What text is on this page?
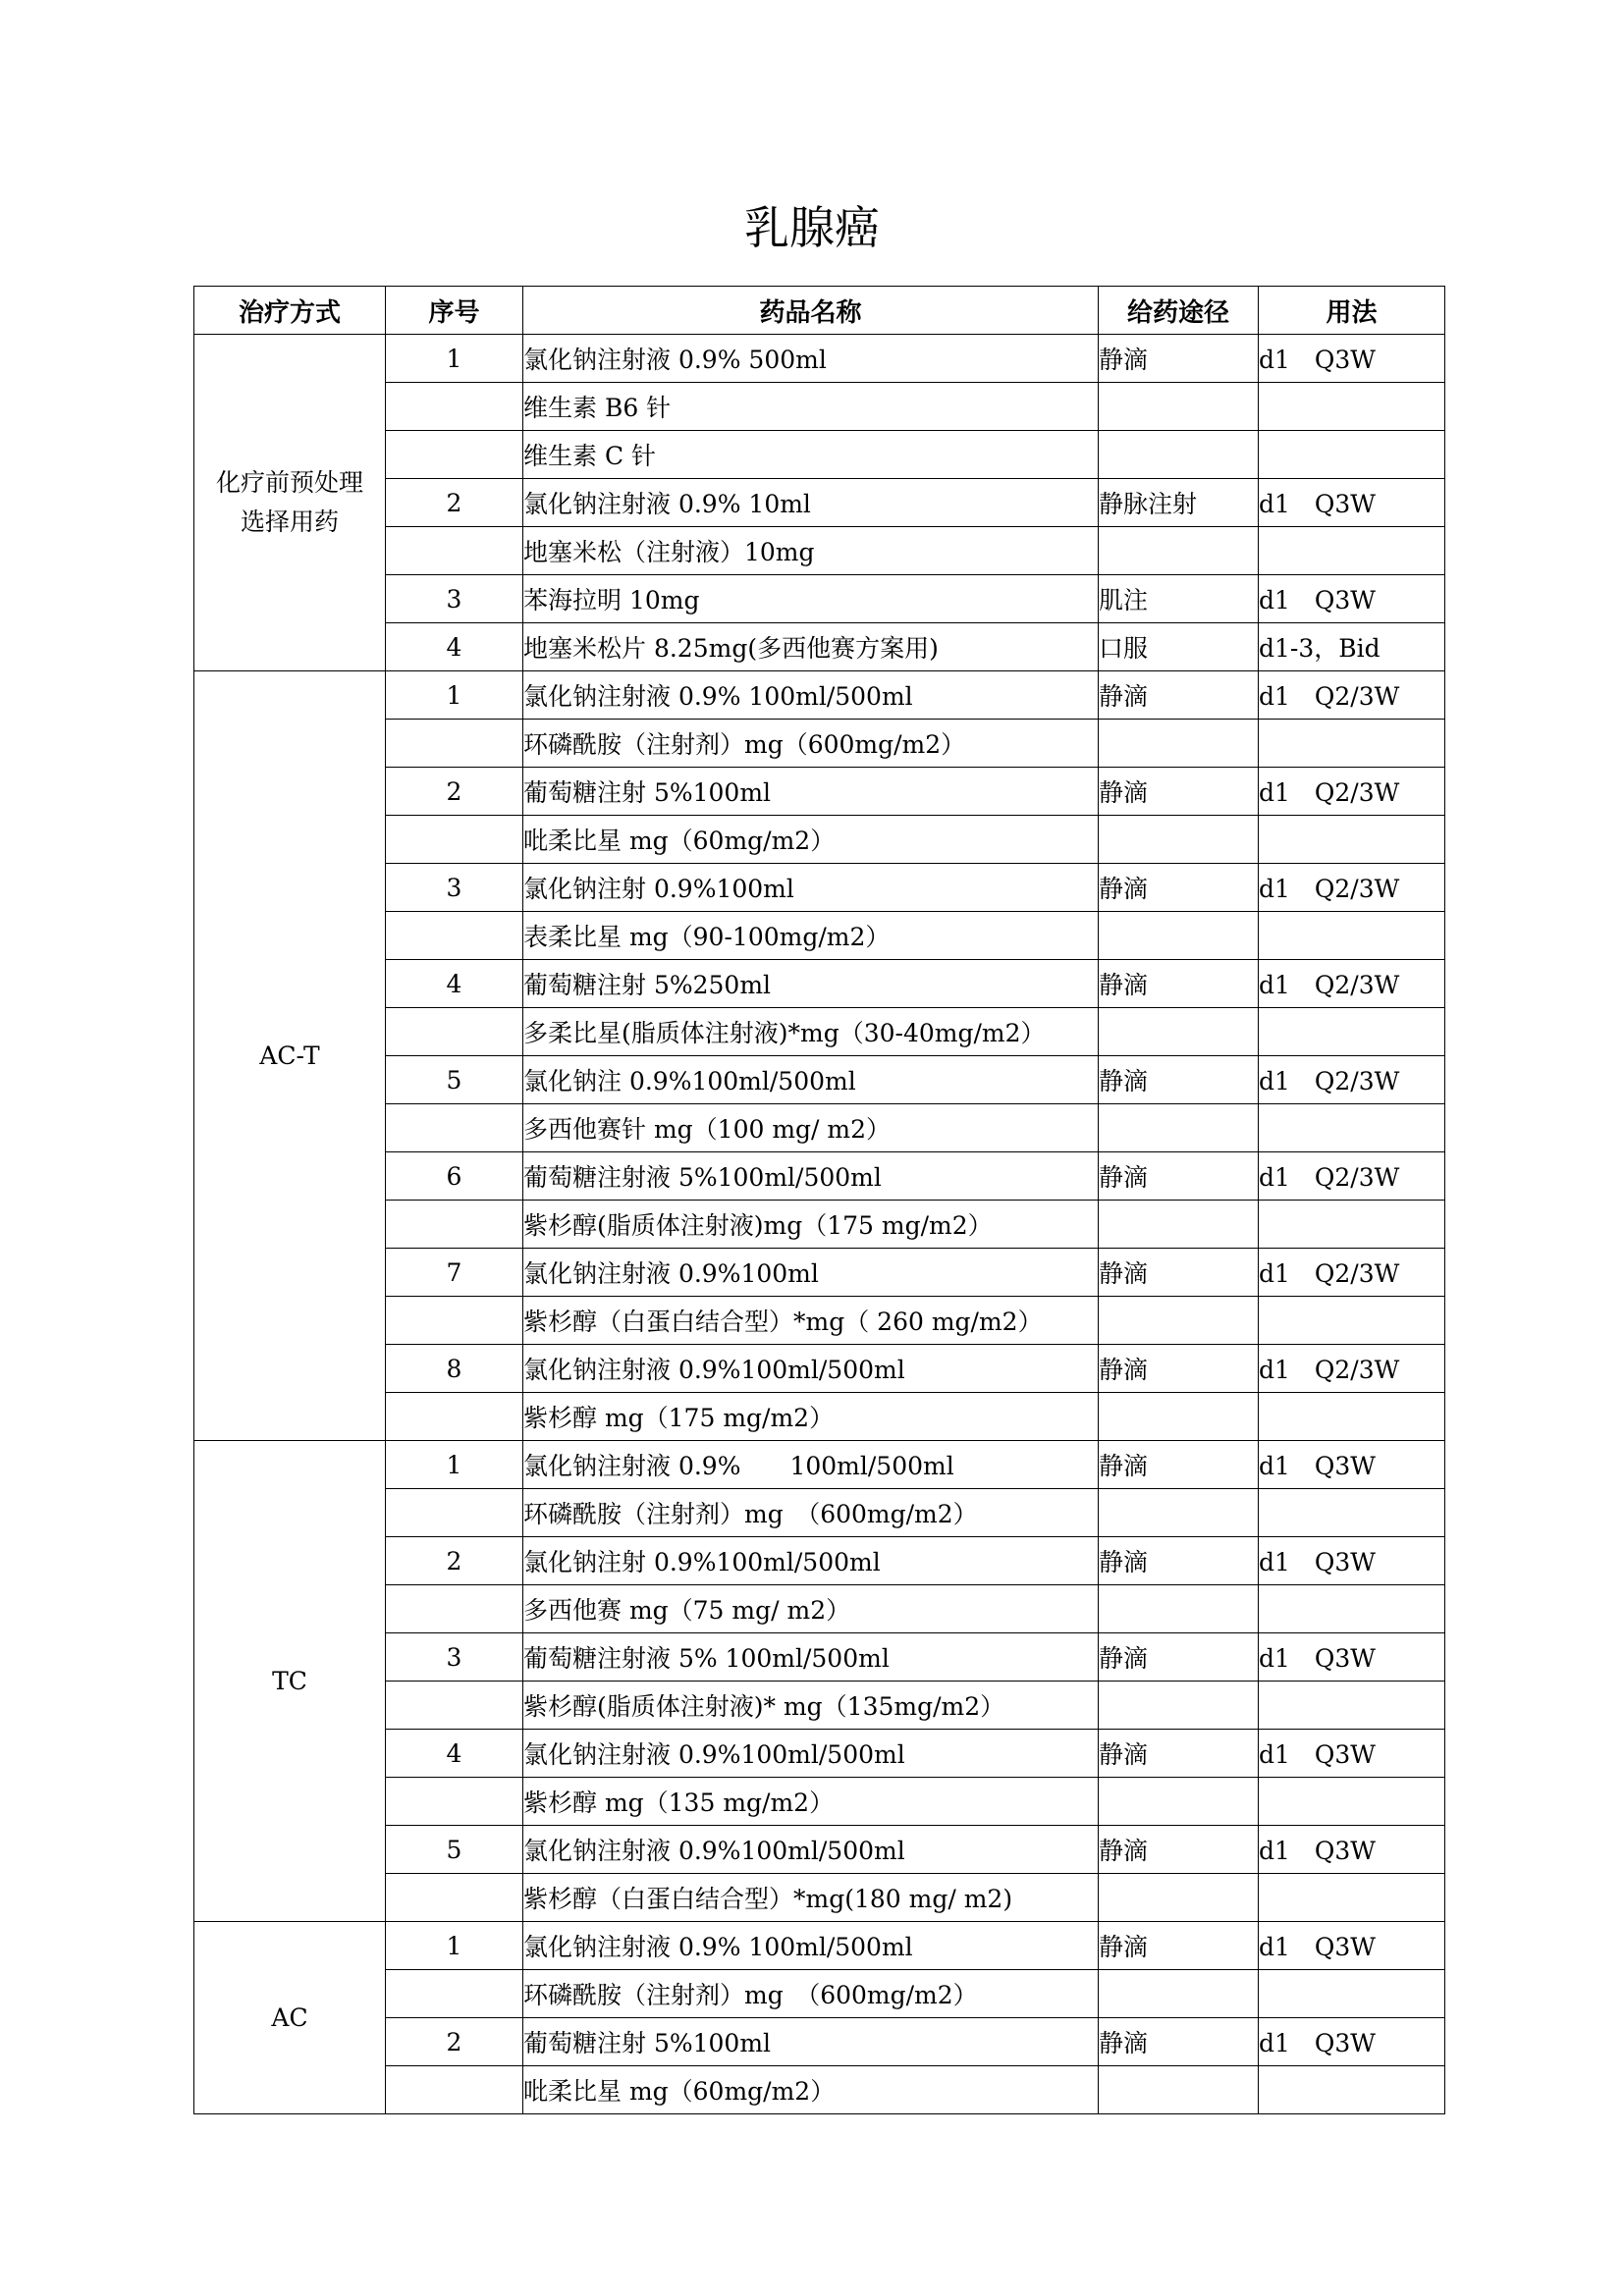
乳腺癌
治疗方式	序号	药品名称	给药途径	用法
化疗前预处理选择用药	1	氯化钠注射液 0.9% 500ml	静滴	d1　Q3W
		维生素 B6 针		
		维生素 C 针		
	2	氯化钠注射液 0.9% 10ml	静脉注射	d1　Q3W
		地塞米松（注射液）10mg		
	3	苯海拉明 10mg	肌注	d1　Q3W
	4	地塞米松片 8.25mg(多西他赛方案用)	口服	d1-3，Bid
AC-T	1	氯化钠注射液 0.9% 100ml/500ml	静滴	d1　Q2/3W
		环磷酰胺（注射剂）mg（600mg/m2）		
	2	葡萄糖注射 5%100ml	静滴	d1　Q2/3W
		吡柔比星 mg（60mg/m2）		
	3	氯化钠注射 0.9%100ml	静滴	d1　Q2/3W
		表柔比星 mg（90-100mg/m2）		
	4	葡萄糖注射 5%250ml	静滴	d1　Q2/3W
		多柔比星(脂质体注射液)*mg（30-40mg/m2）		
	5	氯化钠注 0.9%100ml/500ml	静滴	d1　Q2/3W
		多西他赛针 mg（100 mg/ m2）		
	6	葡萄糖注射液 5%100ml/500ml	静滴	d1　Q2/3W
		紫杉醇(脂质体注射液)mg（175 mg/m2）		
	7	氯化钠注射液 0.9%100ml	静滴	d1　Q2/3W
		紫杉醇（白蛋白结合型）*mg（ 260 mg/m2）		
	8	氯化钠注射液 0.9%100ml/500ml	静滴	d1　Q2/3W
		紫杉醇 mg（175 mg/m2）		
TC	1	氯化钠注射液 0.9%　　100ml/500ml	静滴	d1　Q3W
		环磷酰胺（注射剂）mg　（600mg/m2）		
	2	氯化钠注射 0.9%100ml/500ml	静滴	d1　Q3W
		多西他赛 mg（75 mg/ m2）		
	3	葡萄糖注射液 5% 100ml/500ml	静滴	d1　Q3W
		紫杉醇(脂质体注射液)* mg（135mg/m2）		
	4	氯化钠注射液 0.9%100ml/500ml	静滴	d1　Q3W
		紫杉醇 mg（135 mg/m2）		
	5	氯化钠注射液 0.9%100ml/500ml	静滴	d1　Q3W
		紫杉醇（白蛋白结合型）*mg(180 mg/ m2)		
AC	1	氯化钠注射液 0.9% 100ml/500ml	静滴	d1　Q3W
		环磷酰胺（注射剂）mg　（600mg/m2）		
	2	葡萄糖注射 5%100ml	静滴	d1　Q3W
		吡柔比星 mg（60mg/m2）		
